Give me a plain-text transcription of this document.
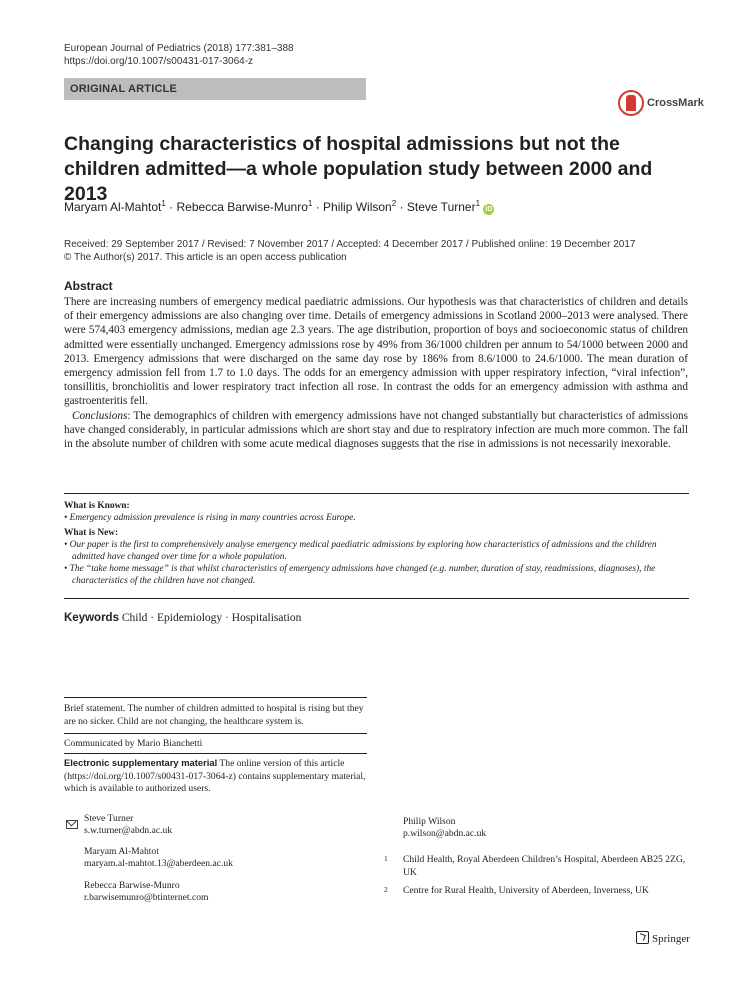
European Journal of Pediatrics (2018) 177:381–388
https://doi.org/10.1007/s00431-017-3064-z
ORIGINAL ARTICLE
CrossMark
Changing characteristics of hospital admissions but not the children admitted—a whole population study between 2000 and 2013
Maryam Al-Mahtot$^1$ · Rebecca Barwise-Munro$^1$ · Philip Wilson$^2$ · Steve Turner$^1$ iD
Received: 29 September 2017 / Revised: 7 November 2017 / Accepted: 4 December 2017 / Published online: 19 December 2017
© The Author(s) 2017. This article is an open access publication
Abstract

There are increasing numbers of emergency medical paediatric admissions. Our hypothesis was that characteristics of children and details of their emergency admissions are also changing over time. Details of emergency admissions in Scotland 2000–2013 were analysed. There were 574,403 emergency admissions, median age 2.3 years. The age distribution, proportion of boys and socioeconomic status of children admitted were essentially unchanged. Emergency admissions rose by 49% from 36/1000 children per annum to 54/1000 between 2000 and 2013. Emergency admissions that were discharged on the same day rose by 186% from 8.6/1000 to 24.6/1000. The mean duration of emergency admission fell from 1.7 to 1.0 days. The odds for an emergency admission with upper respiratory infection, “viral infection”, tonsillitis, bronchiolitis and lower respiratory tract infection all rose. In contrast the odds for an emergency admission with asthma and gastroenteritis fell.

Conclusions: The demographics of children with emergency admissions have not changed substantially but characteristics of admissions have changed considerably, in particular admissions which are short stay and due to respiratory infection are much more common. The fall in the absolute number of children with some acute medical diagnoses suggests that the rise in admissions is not necessarily inexorable.

What is Known:
• Emergency admission prevalence is rising in many countries across Europe.
What is New:
• Our paper is the first to comprehensively analyse emergency medical paediatric admissions by exploring how characteristics of admissions and the children admitted have changed over time for a whole population.
• The “take home message” is that whilst characteristics of emergency admissions have changed (e.g. number, duration of stay, readmissions, diagnoses), the characteristics of the children have not changed.
Keywords Child · Epidemiology · Hospitalisation
Brief statement. The number of children admitted to hospital is rising but they are no sicker. Child are not changing, the healthcare system is.
Communicated by Mario Bianchetti
Electronic supplementary material The online version of this article (https://doi.org/10.1007/s00431-017-3064-z) contains supplementary material, which is available to authorized users.
Steve Turner
s.w.turner@abdn.ac.uk
Maryam Al-Mahtot
maryam.al-mahtot.13@aberdeen.ac.uk
Rebecca Barwise-Munro
r.barwisemunro@btinternet.com
Philip Wilson
p.wilson@abdn.ac.uk
1 Child Health, Royal Aberdeen Children’s Hospital, Aberdeen AB25 2ZG, UK
2 Centre for Rural Health, University of Aberdeen, Inverness, UK
Springer
